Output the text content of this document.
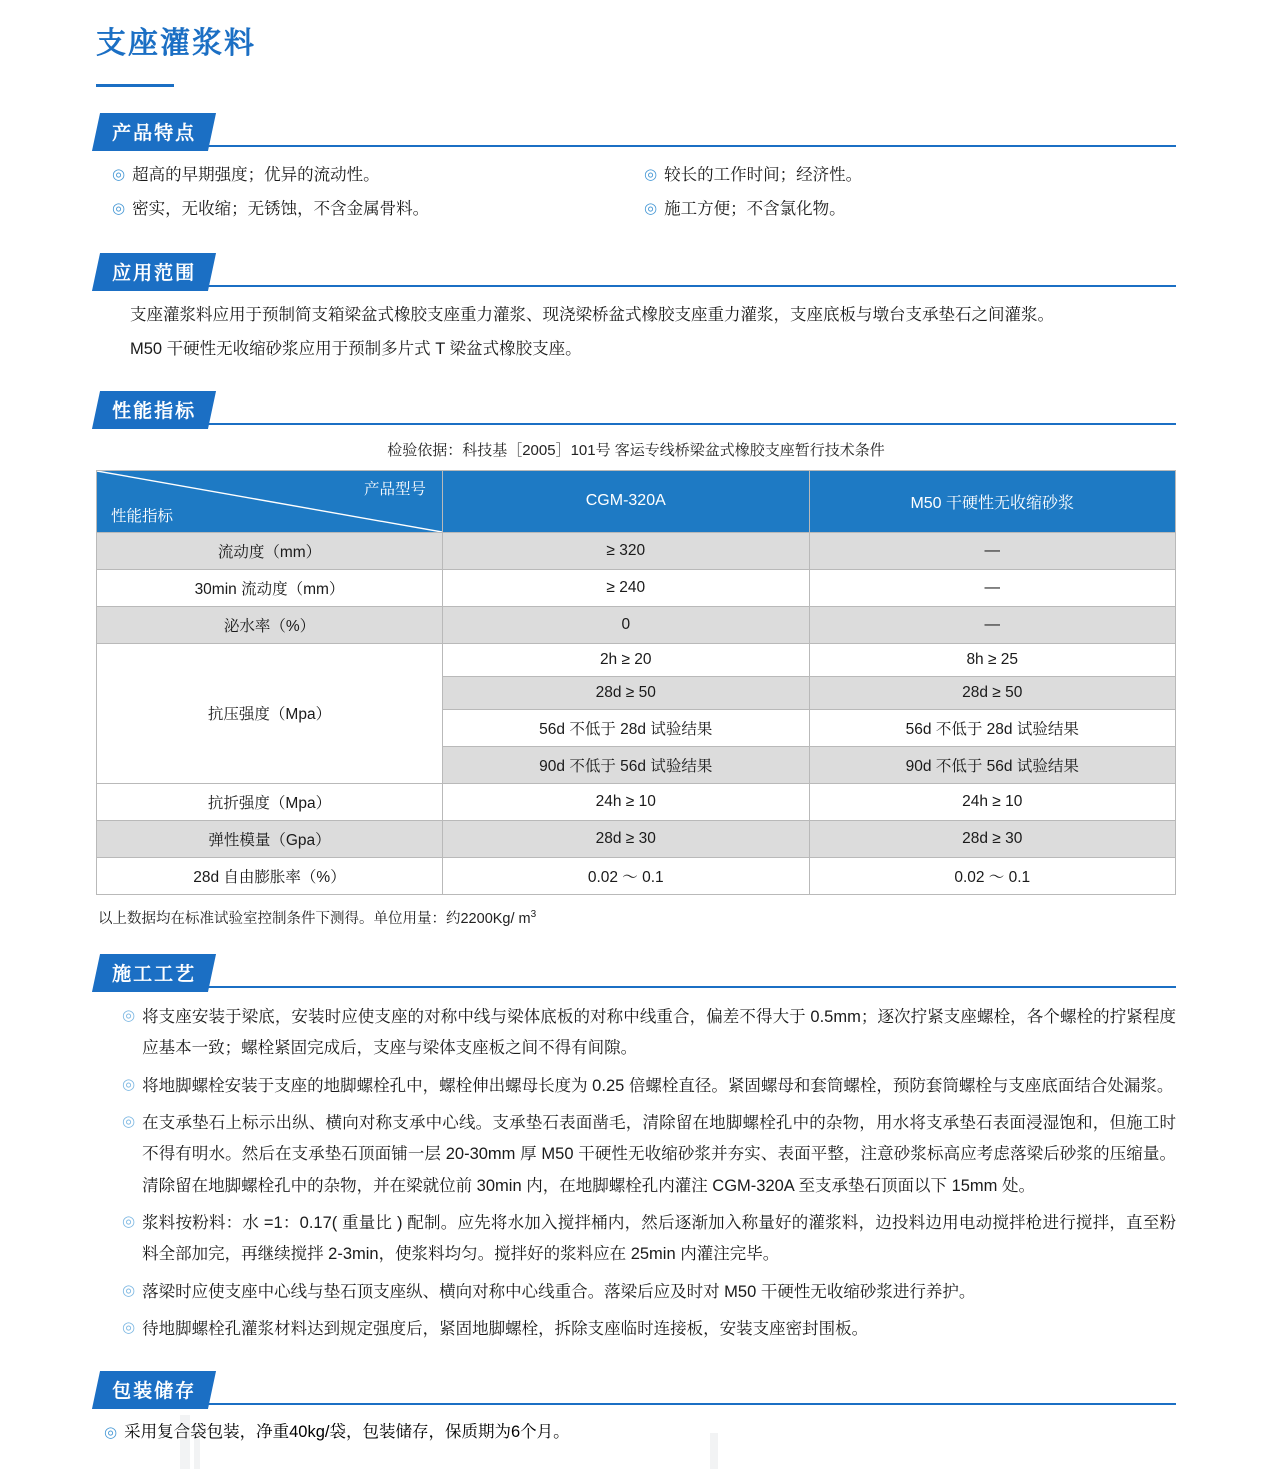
支座灌浆料
产品特点
◎ 超高的早期强度；优异的流动性。	◎ 较长的工作时间；经济性。
◎ 密实，无收缩；无锈蚀，不含金属骨料。	◎ 施工方便；不含氯化物。
应用范围

支座灌浆料应用于预制简支箱梁盆式橡胶支座重力灌浆、现浇梁桥盆式橡胶支座重力灌浆，支座底板与墩台支承垫石之间灌浆。

M50 干硬性无收缩砂浆应用于预制多片式 T 梁盆式橡胶支座。

性能指标
检验依据：科技基［2005］101号 客运专线桥梁盆式橡胶支座暂行技术条件
产品型号
性能指标	CGM-320A	M50 干硬性无收缩砂浆
流动度（mm）	≥ 320	—
30min 流动度（mm）	≥ 240	—
泌水率（%）	0	—
抗压强度（Mpa）	2h ≥ 20	8h ≥ 25
	28d ≥ 50	28d ≥ 50
	56d 不低于 28d 试验结果	56d 不低于 28d 试验结果
	90d 不低于 56d 试验结果	90d 不低于 56d 试验结果
抗折强度（Mpa）	24h ≥ 10	24h ≥ 10
弹性模量（Gpa）	28d ≥ 30	28d ≥ 30
28d 自由膨胀率（%）	0.02 ～ 0.1	0.02 ～ 0.1
以上数据均在标准试验室控制条件下测得。单位用量：约2200Kg/ $m^3$
施工工艺
◎ 将支座安装于梁底，安装时应使支座的对称中线与梁体底板的对称中线重合，偏差不得大于 0.5mm；逐次拧紧支座螺栓，各个螺栓的拧紧程度应基本一致；螺栓紧固完成后，支座与梁体支座板之间不得有间隙。
◎ 将地脚螺栓安装于支座的地脚螺栓孔中，螺栓伸出螺母长度为 0.25 倍螺栓直径。紧固螺母和套筒螺栓，预防套筒螺栓与支座底面结合处漏浆。
◎ 在支承垫石上标示出纵、横向对称支承中心线。支承垫石表面凿毛，清除留在地脚螺栓孔中的杂物，用水将支承垫石表面浸湿饱和，但施工时不得有明水。然后在支承垫石顶面铺一层 20-30mm 厚 M50 干硬性无收缩砂浆并夯实、表面平整，注意砂浆标高应考虑落梁后砂浆的压缩量。清除留在地脚螺栓孔中的杂物，并在梁就位前 30min 内，在地脚螺栓孔内灌注 CGM-320A 至支承垫石顶面以下 15mm 处。
◎ 浆料按粉料：水 =1：0.17( 重量比 ) 配制。应先将水加入搅拌桶内，然后逐渐加入称量好的灌浆料，边投料边用电动搅拌枪进行搅拌，直至粉料全部加完，再继续搅拌 2-3min，使浆料均匀。搅拌好的浆料应在 25min 内灌注完毕。
◎ 落梁时应使支座中心线与垫石顶支座纵、横向对称中心线重合。落梁后应及时对 M50 干硬性无收缩砂浆进行养护。
◎ 待地脚螺栓孔灌浆材料达到规定强度后，紧固地脚螺栓，拆除支座临时连接板，安装支座密封围板。
包装储存
◎ 采用复合袋包装，净重40kg/袋，包装储存，保质期为6个月。
